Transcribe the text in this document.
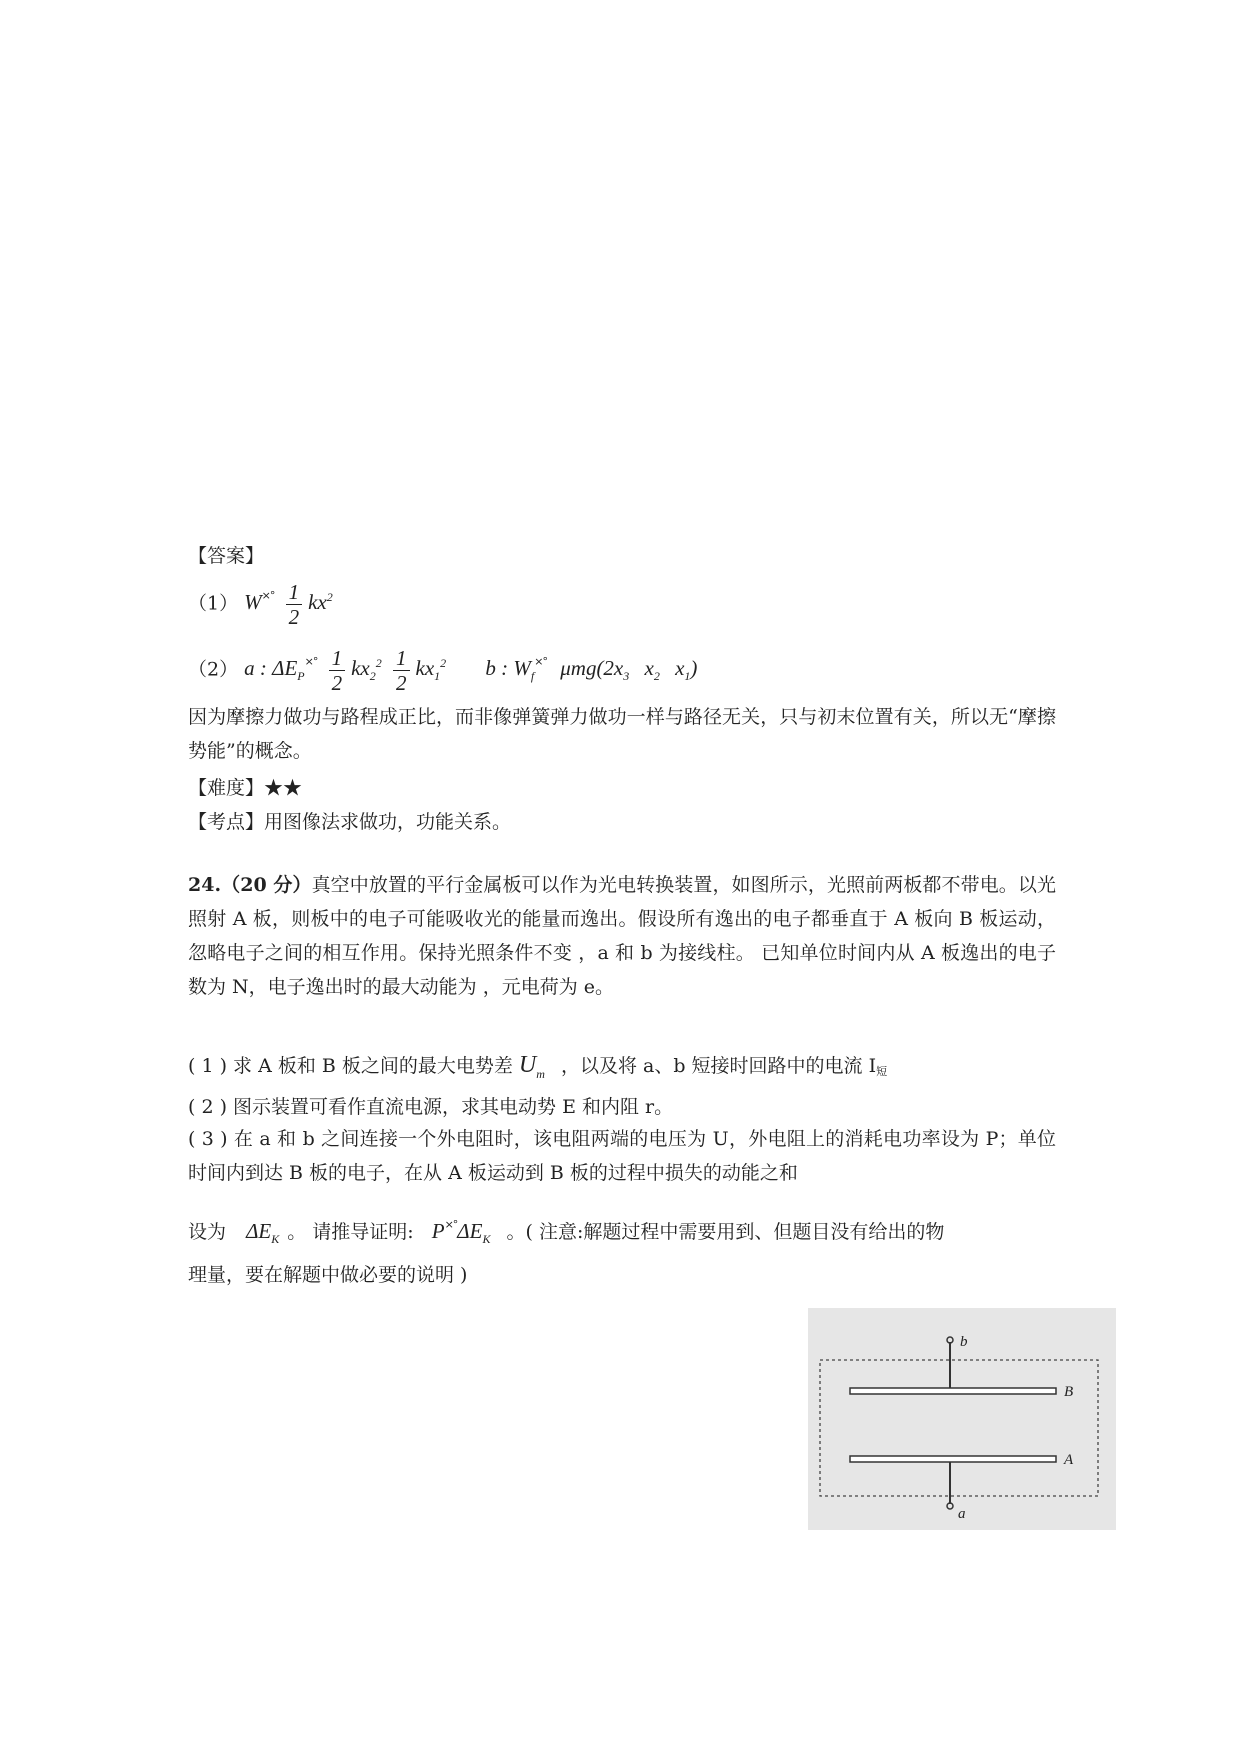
【答案】
（1） $W^{\times^\circ} \frac{1}{2} kx^2$
（2） a : $\Delta E_P^{\times^\circ} \frac{1}{2} kx_2^2 \frac{1}{2} kx_1^2$ b : $W_f^{\times^\circ}$ $\mu mg(2x_3$ $x_2$ $x_1$)
因为摩擦力做功与路程成正比，而非像弹簧弹力做功一样与路径无关，只与初末位置有关，所以无“摩擦势能”的概念。
【难度】★★
【考点】用图像法求做功，功能关系。
24.（20 分）真空中放置的平行金属板可以作为光电转换装置，如图所示，光照前两板都不带电。以光照射 A 板，则板中的电子可能吸收光的能量而逸出。假设所有逸出的电子都垂直于 A 板向 B 板运动，忽略电子之间的相互作用。保持光照条件不变 ，a 和 b 为接线柱。 已知单位时间内从 A 板逸出的电子数为 N，电子逸出时的最大动能为 ，元电荷为 e。
( 1 ) 求 A 板和 B 板之间的最大电势差 $U_m$ ，以及将 a、b 短接时回路中的电流 I短
( 2 ) 图示装置可看作直流电源，求其电动势 E 和内阻 r。
( 3 ) 在 a 和 b 之间连接一个外电阻时，该电阻两端的电压为 U，外电阻上的消耗电功率设为 P；单位时间内到达 B 板的电子，在从 A 板运动到 B 板的过程中损失的动能之和
设为 $\Delta E_K$ 。 请推导证明: $P^{\times^\circ}\Delta E_K$ 。( 注意:解题过程中需要用到、但题目没有给出的物
理量，要在解题中做必要的说明 )
b
B
A
a
